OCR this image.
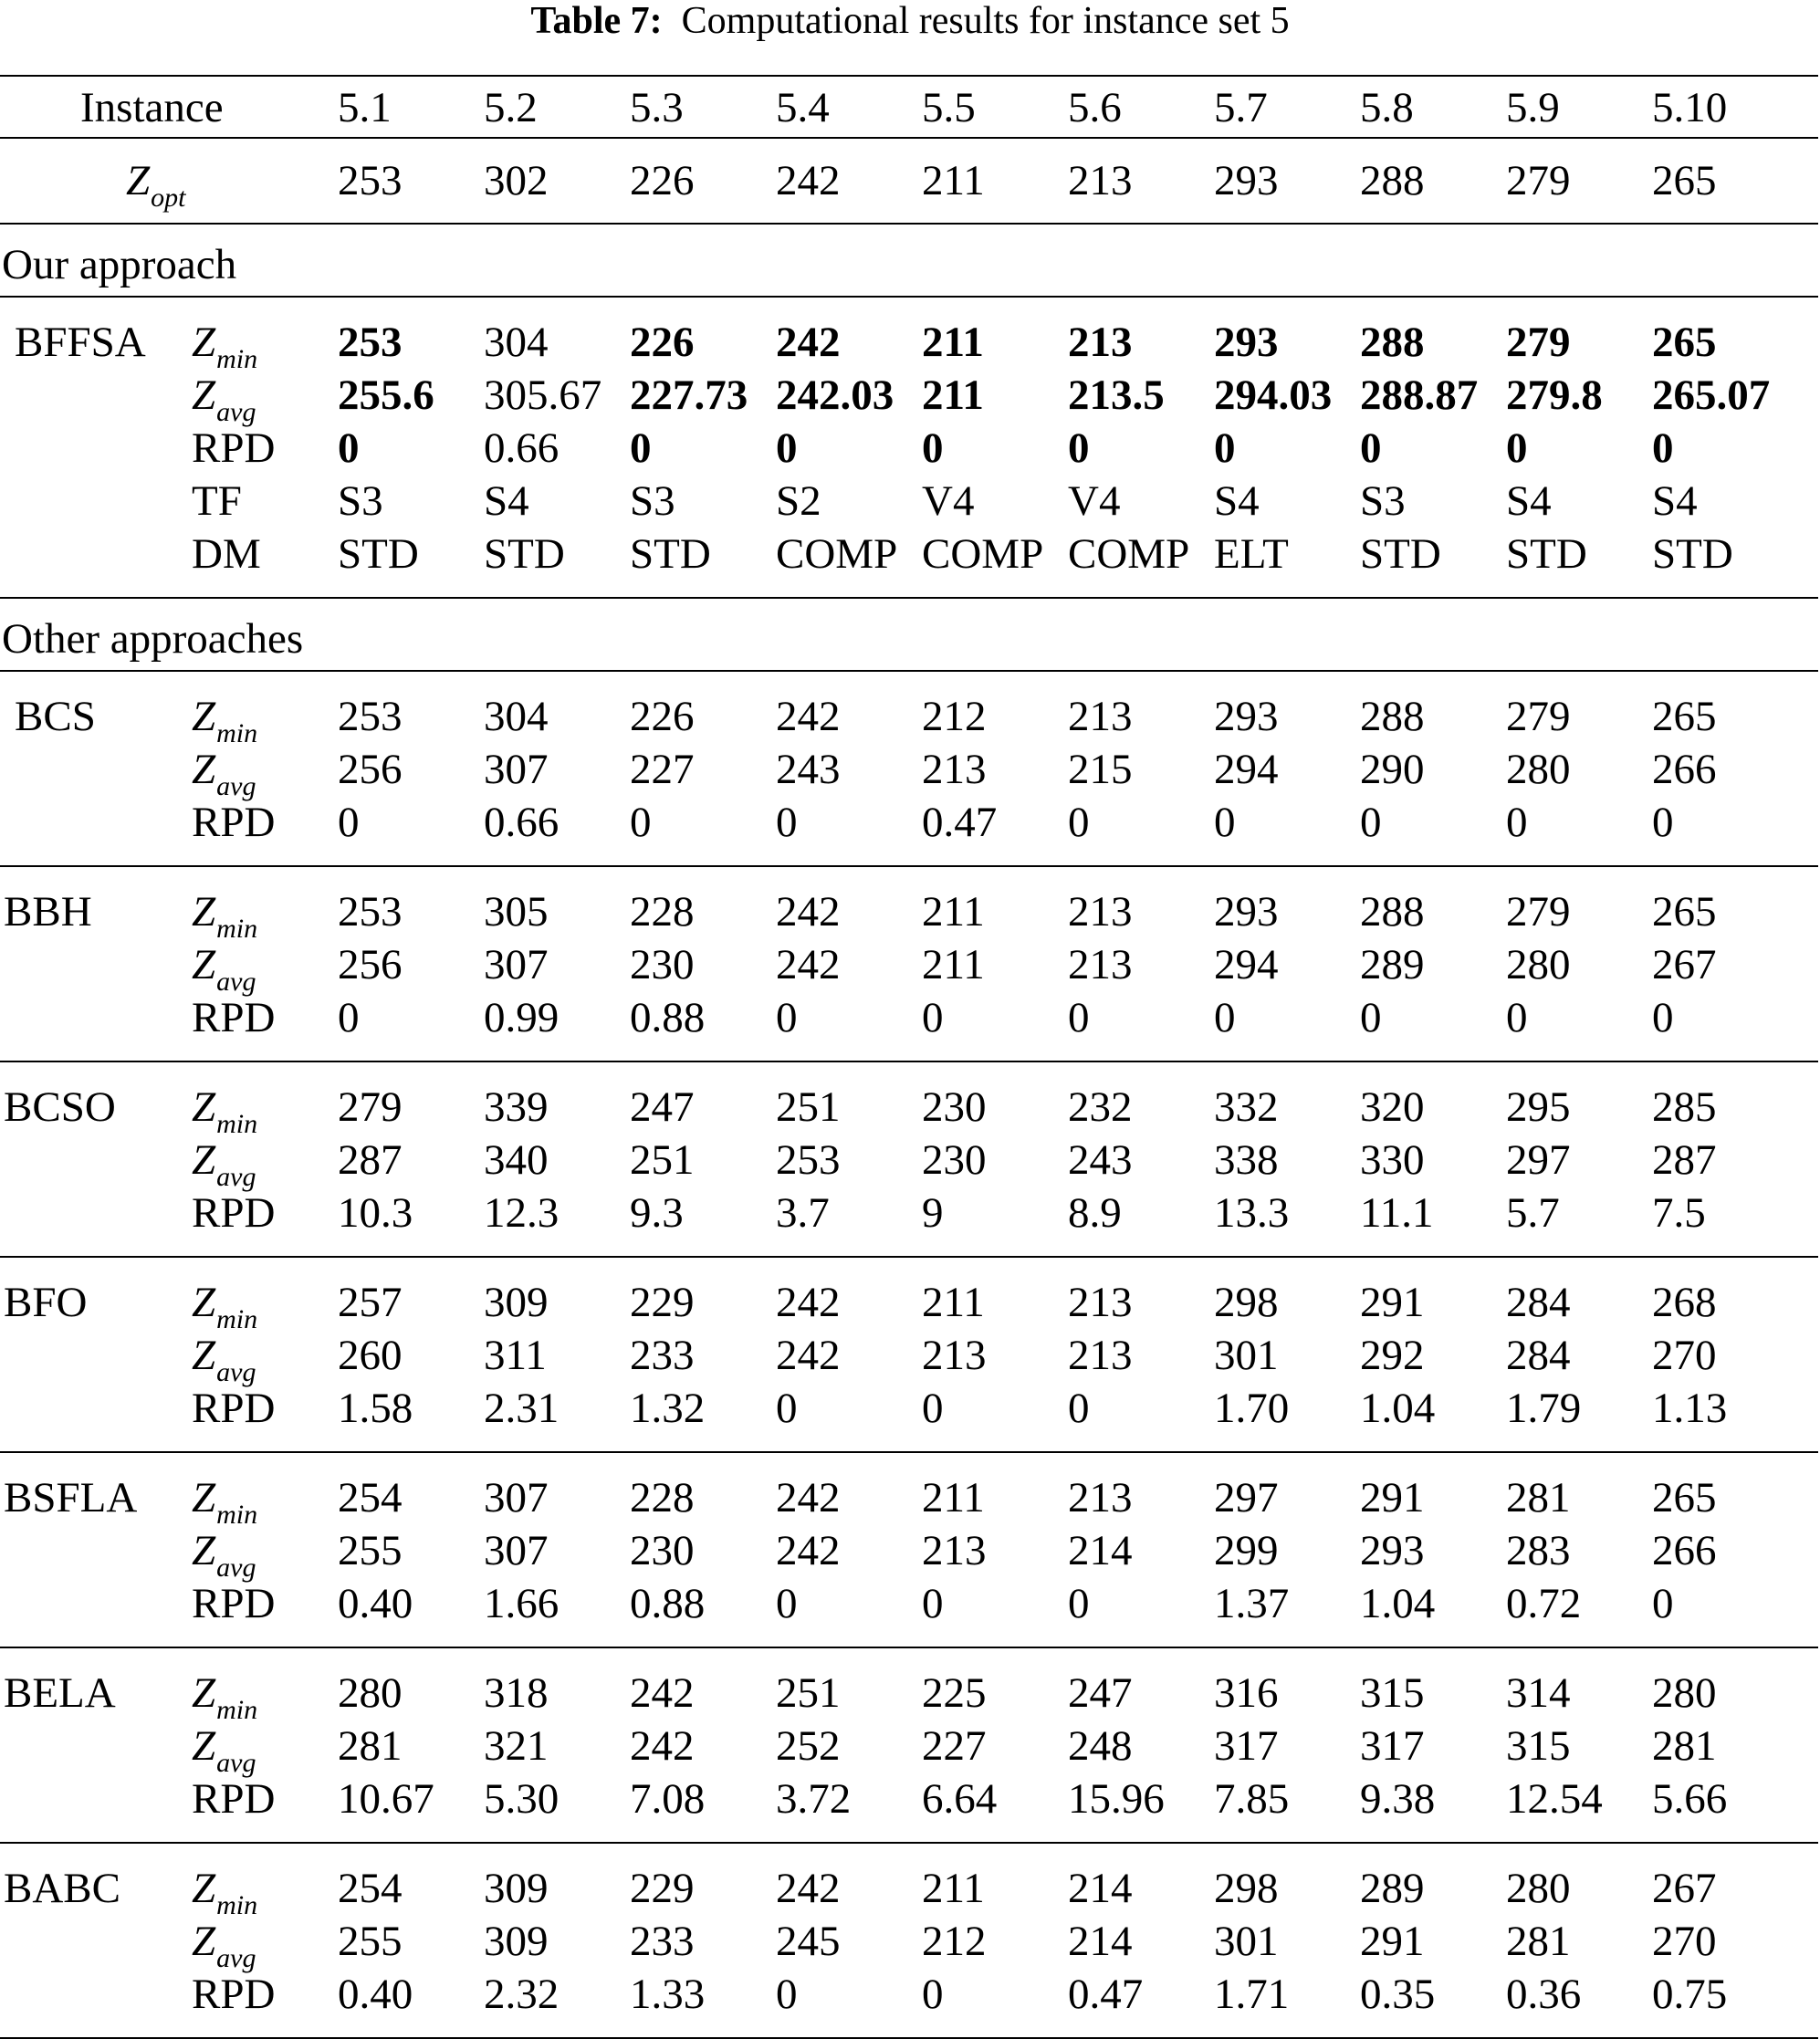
Table 7: Computational results for instance set 5
Instance	5.1 5.2 5.3 5.4 5.5 5.6 5.7 5.8 5.9 5.10
$Z_{opt}$	253 302 226 242 211 213 293 288 279 265
Our approach
BFFSA $Z_{min}$ 253 304 226 242 211 213 293 288 279 265
$Z_{avg}$ 255.6 305.67 227.73 242.03 211 213.5 294.03 288.87 279.8 265.07
RPD 0	0.66 0	0	0	0	0	0	0	0
TF S3 S4 S3 S2 V4 V4 S4 S3 S4 S4
DM STD STD STD COMP COMP COMP ELT STD STD STD
Other approaches
BCS $Z_{min}$ 253 304 226 242 212 213 293 288 279 265
$Z_{avg}$ 256 307 227 243 213 215 294 290 280 266
RPD 0	0.66 0	0	0.47 0	0	0	0	0
BBH $Z_{min}$ 253 305 228 242 211 213 293 288 279 265
$Z_{avg}$ 256 307 230 242 211 213 294 289 280 267
RPD 0	0.99 0.88 0	0	0	0	0	0	0
BCSO $Z_{min}$ 279 339 247 251 230 232 332 320 295 285
$Z_{avg}$ 287 340 251 253 230 243 338 330 297 287
RPD 10.3 12.3 9.3 3.7 9	8.9 13.3 11.1 5.7 7.5
BFO $Z_{min}$ 257 309 229 242 211 213 298 291 284 268
$Z_{avg}$ 260 311 233 242 213 213 301 292 284 270
RPD 1.58 2.31 1.32 0	0	0	1.70 1.04 1.79 1.13
BSFLA $Z_{min}$ 254 307 228 242 211 213 297 291 281 265
$Z_{avg}$ 255 307 230 242 213 214 299 293 283 266
RPD 0.40 1.66 0.88 0	0	0	1.37 1.04 0.72 0
BELA $Z_{min}$ 280 318 242 251 225 247 316 315 314 280
$Z_{avg}$ 281 321 242 252 227 248 317 317 315 281
RPD 10.67 5.30 7.08 3.72 6.64 15.96 7.85 9.38 12.54 5.66
BABC $Z_{min}$ 254 309 229 242 211 214 298 289 280 267
$Z_{avg}$ 255 309 233 245 212 214 301 291 281 270
RPD 0.40 2.32 1.33 0	0	0.47 1.71 0.35 0.36 0.75
